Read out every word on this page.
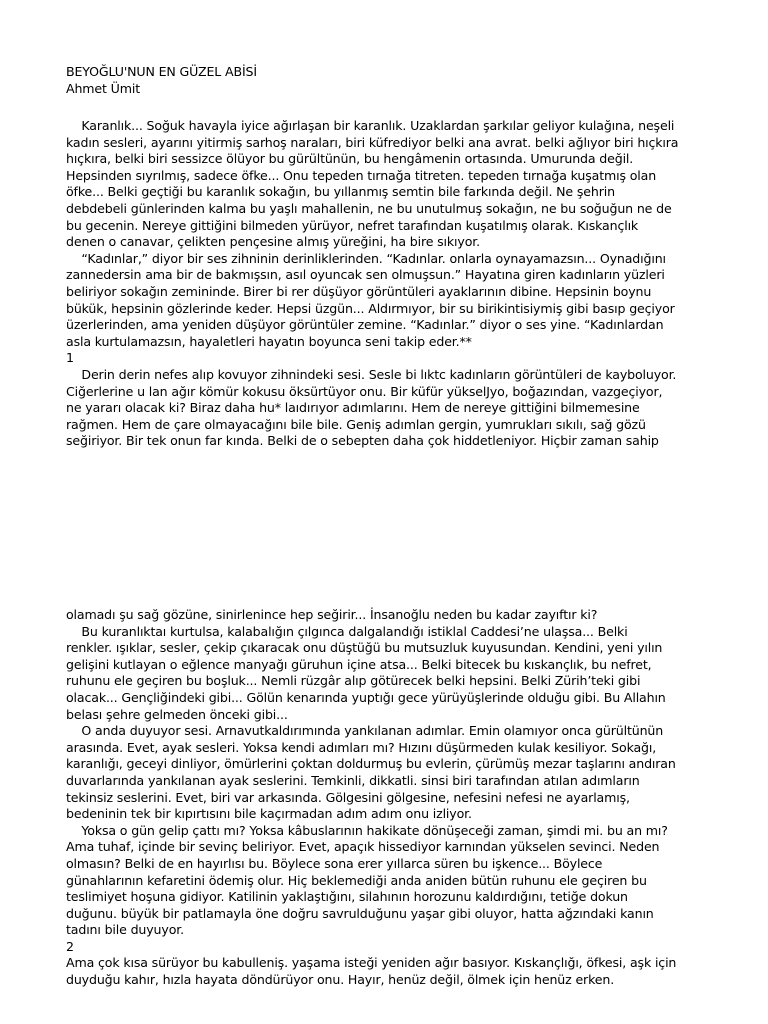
BEYOĞLU'NUN EN GÜZEL ABİSİ
Ahmet Ümit
Karanlık... Soğuk havayla iyice ağırlaşan bir karanlık. Uzaklardan şarkılar geliyor kulağına, neşeli
kadın sesleri, ayarını yitirmiş sarhoş naraları, biri küfrediyor belki ana avrat. belki ağlıyor biri hıçkıra
hıçkıra, belki biri sessizce ölüyor bu gürültünün, bu hengâmenin ortasında. Umurunda değil.
Hepsinden sıyrılmış, sadece öfke... Onu tepeden tırnağa titreten. tepeden tırnağa kuşatmış olan
öfke... Belki geçtiği bu karanlık sokağın, bu yıllanmış semtin bile farkında değil. Ne şehrin
debdebeli günlerinden kalma bu yaşlı mahallenin, ne bu unutulmuş sokağın, ne bu soğuğun ne de
bu gecenin. Nereye gittiğini bilmeden yürüyor, nefret tarafından kuşatılmış olarak. Kıskançlık
denen o canavar, çelikten pençesine almış yüreğini, ha bire sıkıyor.
“Kadınlar,” diyor bir ses zihninin derinliklerinden. “Kadınlar. onlarla oynayamazsın... Oynadığını
zannedersin ama bir de bakmışsın, asıl oyuncak sen olmuşsun.” Hayatına giren kadınların yüzleri
beliriyor sokağın zemininde. Birer bi rer düşüyor görüntüleri ayaklarının dibine. Hepsinin boynu
bükük, hepsinin gözlerinde keder. Hepsi üzgün... Aldırmıyor, bir su birikintisiymiş gibi basıp geçiyor
üzerlerinden, ama yeniden düşüyor görüntüler zemine. “Kadınlar.” diyor o ses yine. “Kadınlardan
asla kurtulamazsın, hayaletleri hayatın boyunca seni takip eder.**
1
Derin derin nefes alıp kovuyor zihnindeki sesi. Sesle bi lıktc kadınların görüntüleri de kayboluyor.
Ciğerlerine u lan ağır kömür kokusu öksürtüyor onu. Bir küfür yükselJyo, boğazından, vazgeçiyor,
ne yararı olacak ki? Biraz daha hu* laıdırıyor adımlarını. Hem de nereye gittiğini bilmemesine
rağmen. Hem de çare olmayacağını bile bile. Geniş adımlan gergin, yumrukları sıkılı, sağ gözü
seğiriyor. Bir tek onun far kında. Belki de o sebepten daha çok hiddetleniyor. Hiçbir zaman sahip
olamadı şu sağ gözüne, sinirlenince hep seğirir... İnsanoğlu neden bu kadar zayıftır ki?
Bu kuranlıktaı kurtulsa, kalabalığın çılgınca dalgalandığı istiklal Caddesi’ne ulaşsa... Belki
renkler. ışıklar, sesler, çekip çıkaracak onu düştüğü bu mutsuzluk kuyusundan. Kendini, yeni yılın
gelişini kutlayan o eğlence manyağı güruhun içine atsa... Belki bitecek bu kıskançlık, bu nefret,
ruhunu ele geçiren bu boşluk... Nemli rüzgâr alıp götürecek belki hepsini. Belki Zürih’teki gibi
olacak... Gençliğindeki gibi... Gölün kenarında yuptığı gece yürüyüşlerinde olduğu gibi. Bu Allahın
belası şehre gelmeden önceki gibi...
O anda duyuyor sesi. Arnavutkaldırımında yankılanan adımlar. Emin olamıyor onca gürültünün
arasında. Evet, ayak sesleri. Yoksa kendi adımları mı? Hızını düşürmeden kulak kesiliyor. Sokağı,
karanlığı, geceyi dinliyor, ömürlerini çoktan doldurmuş bu evlerin, çürümüş mezar taşlarını andıran
duvarlarında yankılanan ayak seslerini. Temkinli, dikkatli. sinsi biri tarafından atılan adımların
tekinsiz seslerini. Evet, biri var arkasında. Gölgesini gölgesine, nefesini nefesi ne ayarlamış,
bedeninin tek bir kıpırtısını bile kaçırmadan adım adım onu izliyor.
Yoksa o gün gelip çattı mı? Yoksa kâbuslarının hakikate dönüşeceği zaman, şimdi mi. bu an mı?
Ama tuhaf, içinde bir sevinç beliriyor. Evet, apaçık hissediyor karnından yükselen sevinci. Neden
olmasın? Belki de en hayırlısı bu. Böylece sona erer yıllarca süren bu işkence... Böylece
günahlarının kefaretini ödemiş olur. Hiç beklemediği anda aniden bütün ruhunu ele geçiren bu
teslimiyet hoşuna gidiyor. Katilinin yaklaştığını, silahının horozunu kaldırdığını, tetiğe dokun
duğunu. büyük bir patlamayla öne doğru savrulduğunu yaşar gibi oluyor, hatta ağzındaki kanın
tadını bile duyuyor.
2
Ama çok kısa sürüyor bu kabulleniş. yaşama isteği yeniden ağır basıyor. Kıskançlığı, öfkesi, aşk için
duyduğu kahır, hızla hayata döndürüyor onu. Hayır, henüz değil, ölmek için henüz erken.
